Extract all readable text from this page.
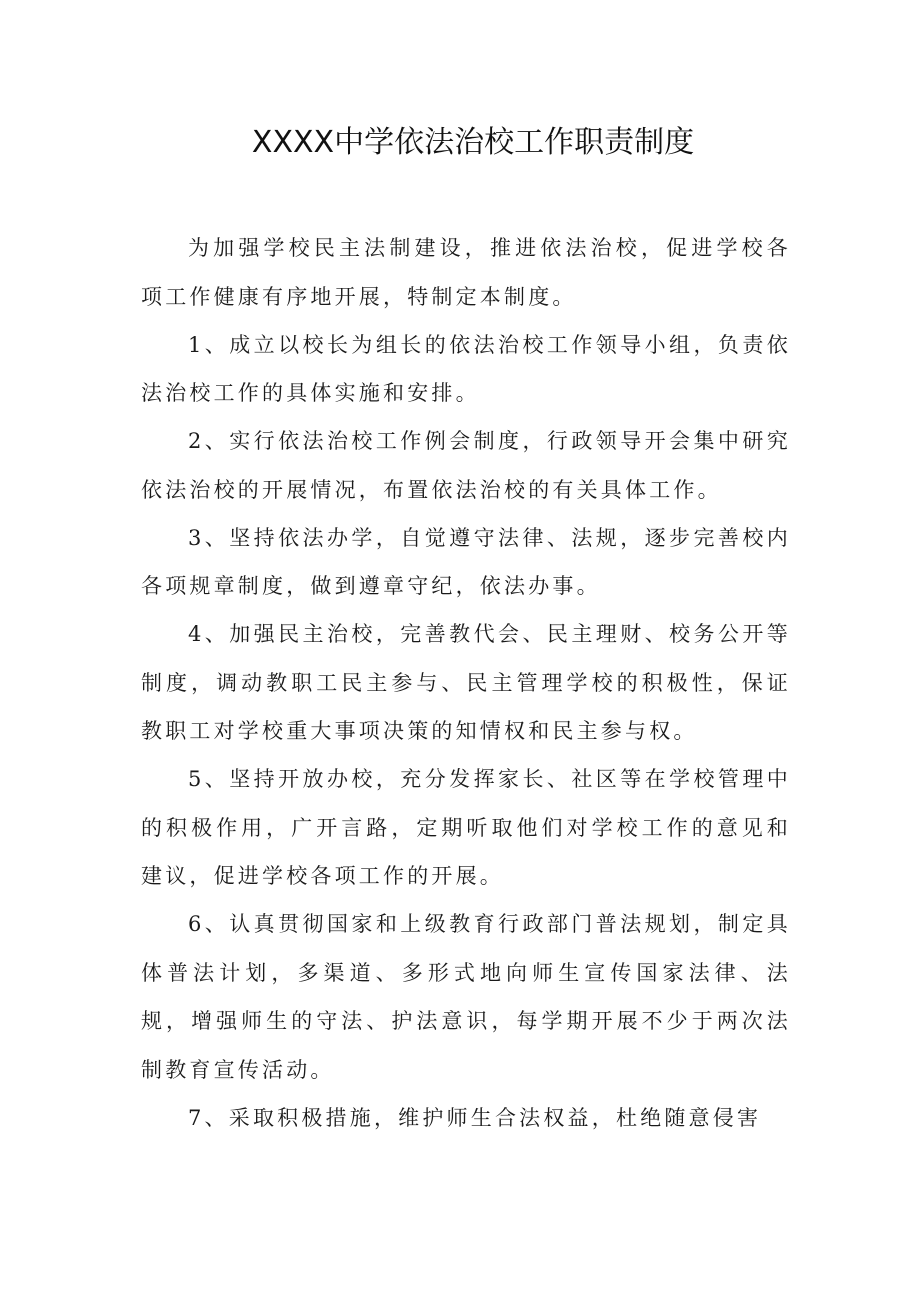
XXXX中学依法治校工作职责制度

为加强学校民主法制建设，推进依法治校，促进学校各项工作健康有序地开展，特制定本制度。

1、成立以校长为组长的依法治校工作领导小组，负责依法治校工作的具体实施和安排。

2、实行依法治校工作例会制度，行政领导开会集中研究依法治校的开展情况，布置依法治校的有关具体工作。

3、坚持依法办学，自觉遵守法律、法规，逐步完善校内各项规章制度，做到遵章守纪，依法办事。

4、加强民主治校，完善教代会、民主理财、校务公开等制度，调动教职工民主参与、民主管理学校的积极性，保证教职工对学校重大事项决策的知情权和民主参与权。

5、坚持开放办校，充分发挥家长、社区等在学校管理中的积极作用，广开言路，定期听取他们对学校工作的意见和建议，促进学校各项工作的开展。

6、认真贯彻国家和上级教育行政部门普法规划，制定具体普法计划，多渠道、多形式地向师生宣传国家法律、法规，增强师生的守法、护法意识，每学期开展不少于两次法制教育宣传活动。

7、采取积极措施，维护师生合法权益，杜绝随意侵害
